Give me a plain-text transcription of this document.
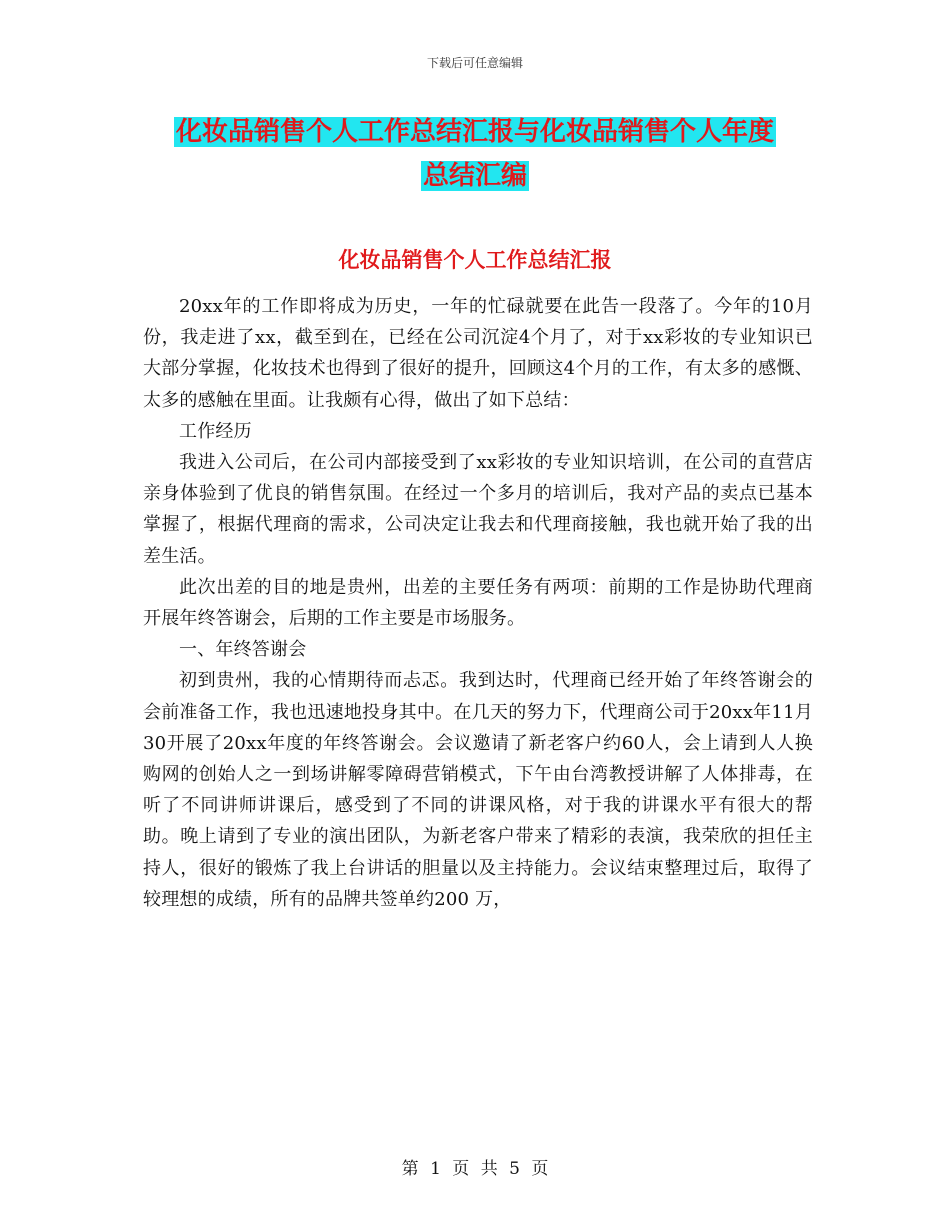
下载后可任意编辑
化妆品销售个人工作总结汇报与化妆品销售个人年度
总结汇编
化妆品销售个人工作总结汇报

20xx年的工作即将成为历史，一年的忙碌就要在此告一段落了。今年的10月份，我走进了xx，截至到在，已经在公司沉淀4个月了，对于xx彩妆的专业知识已大部分掌握，化妆技术也得到了很好的提升，回顾这4个月的工作，有太多的感慨、太多的感触在里面。让我颇有心得，做出了如下总结：

工作经历

我进入公司后，在公司内部接受到了xx彩妆的专业知识培训，在公司的直营店亲身体验到了优良的销售氛围。在经过一个多月的培训后，我对产品的卖点已基本掌握了，根据代理商的需求，公司决定让我去和代理商接触，我也就开始了我的出差生活。

此次出差的目的地是贵州，出差的主要任务有两项：前期的工作是协助代理商开展年终答谢会，后期的工作主要是市场服务。

一、年终答谢会

初到贵州，我的心情期待而忐忑。我到达时，代理商已经开始了年终答谢会的会前准备工作，我也迅速地投身其中。在几天的努力下，代理商公司于20xx年11月30开展了20xx年度的年终答谢会。会议邀请了新老客户约60人，会上请到人人换购网的创始人之一到场讲解零障碍营销模式，下午由台湾教授讲解了人体排毒，在听了不同讲师讲课后，感受到了不同的讲课风格，对于我的讲课水平有很大的帮助。晚上请到了专业的演出团队，为新老客户带来了精彩的表演，我荣欣的担任主持人，很好的锻炼了我上台讲话的胆量以及主持能力。会议结束整理过后，取得了较理想的成绩，所有的品牌共签单约200 万，

第 1 页 共 5 页
